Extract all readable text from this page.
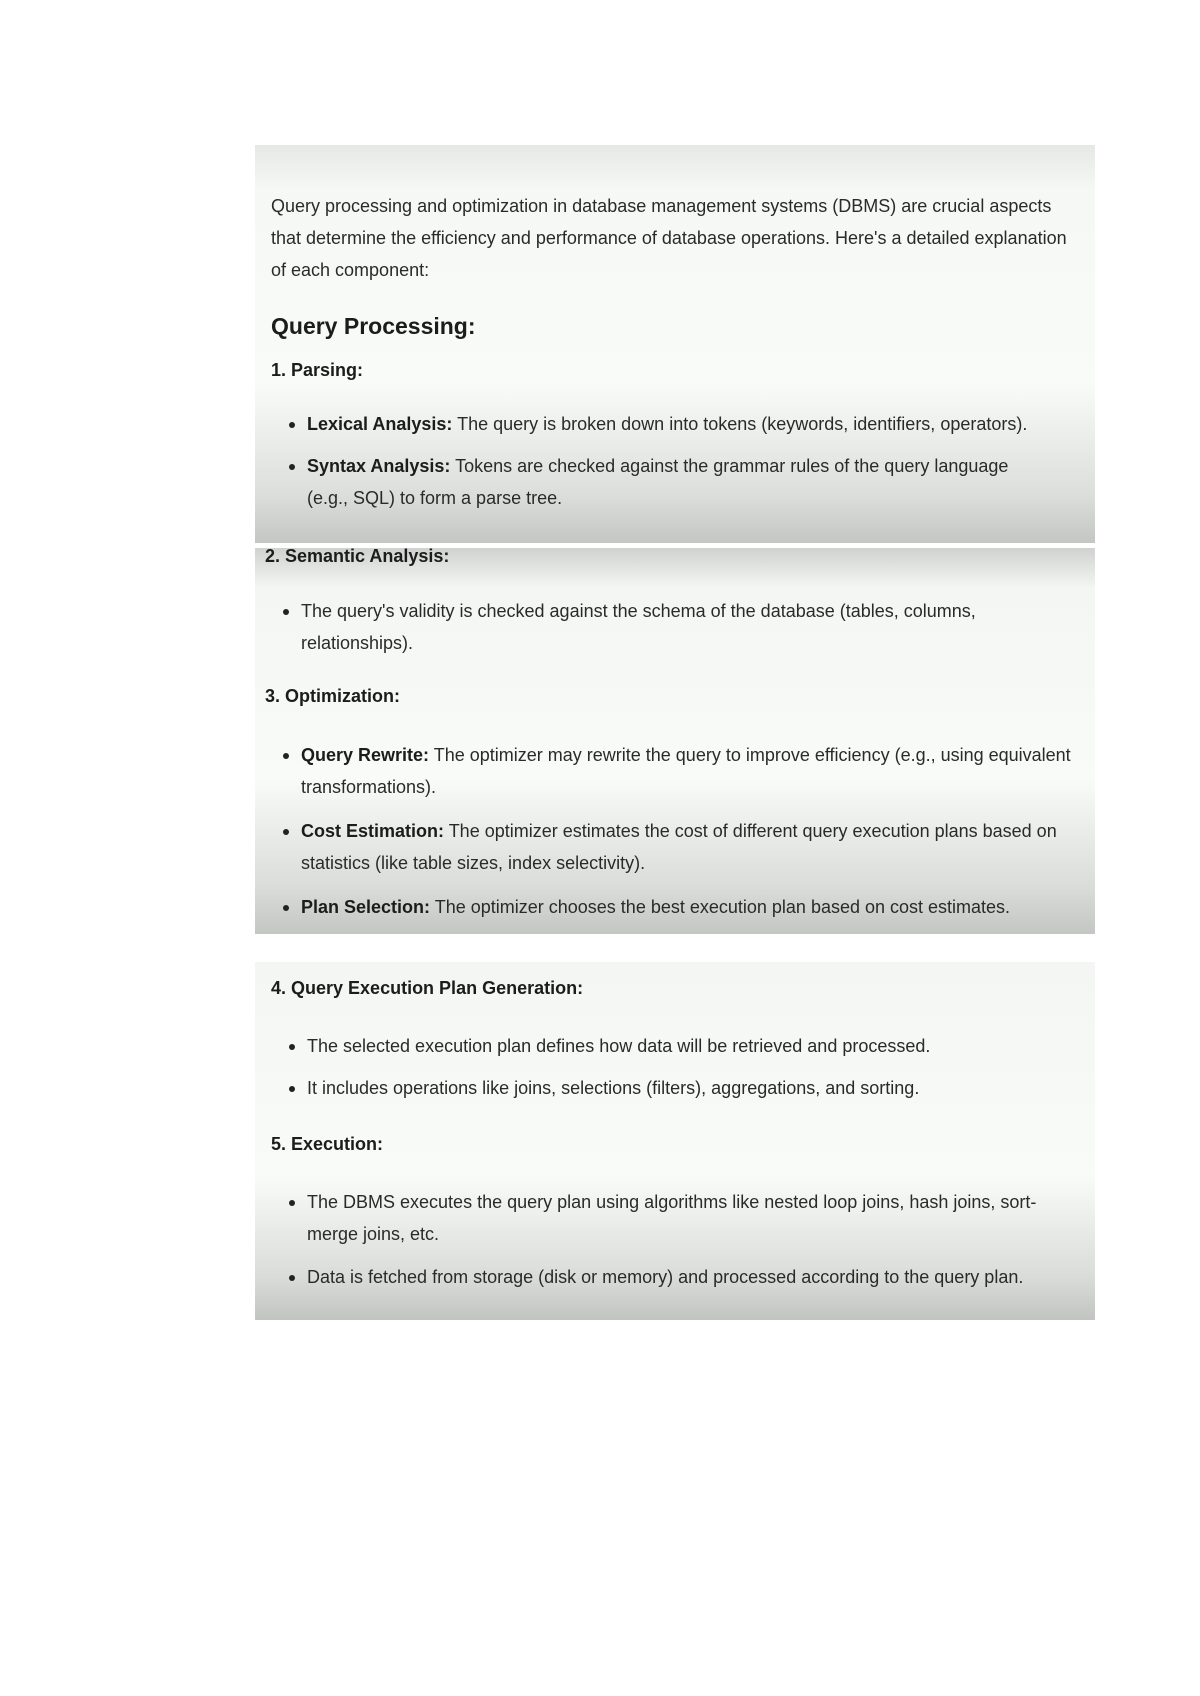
Query processing and optimization in database management systems (DBMS) are crucial aspects that determine the efficiency and performance of database operations. Here's a detailed explanation of each component:
Query Processing:
1. Parsing:
Lexical Analysis: The query is broken down into tokens (keywords, identifiers, operators).
Syntax Analysis: Tokens are checked against the grammar rules of the query language (e.g., SQL) to form a parse tree.
2. Semantic Analysis:
The query's validity is checked against the schema of the database (tables, columns, relationships).
3. Optimization:
Query Rewrite: The optimizer may rewrite the query to improve efficiency (e.g., using equivalent transformations).
Cost Estimation: The optimizer estimates the cost of different query execution plans based on statistics (like table sizes, index selectivity).
Plan Selection: The optimizer chooses the best execution plan based on cost estimates.
4. Query Execution Plan Generation:
The selected execution plan defines how data will be retrieved and processed.
It includes operations like joins, selections (filters), aggregations, and sorting.
5. Execution:
The DBMS executes the query plan using algorithms like nested loop joins, hash joins, sort-merge joins, etc.
Data is fetched from storage (disk or memory) and processed according to the query plan.
